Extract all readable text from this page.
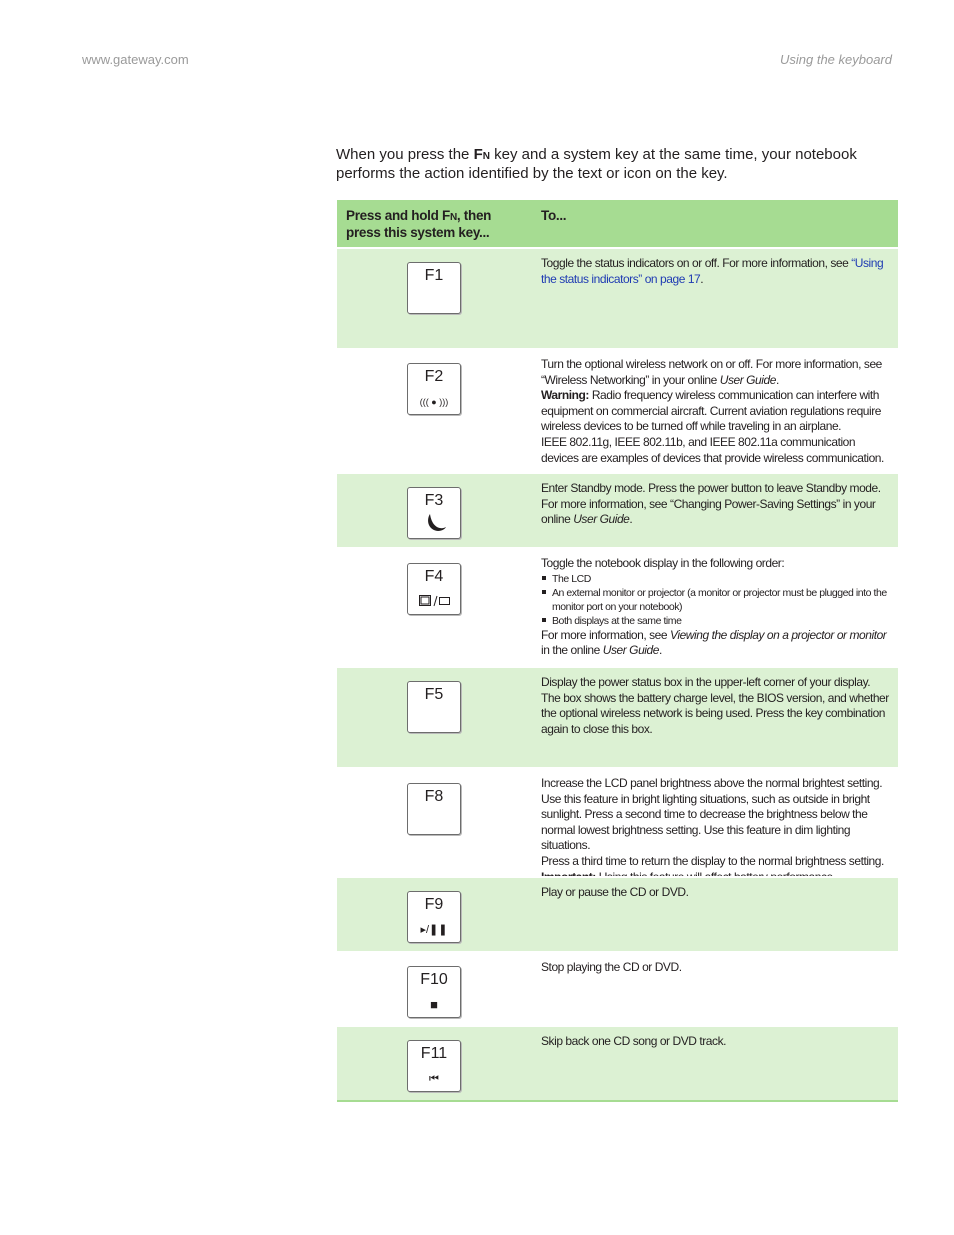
www.gateway.com	Using the keyboard
When you press the FN key and a system key at the same time, your notebook performs the action identified by the text or icon on the key.
Press and hold FN, then press this system key...
To...
F1
Toggle the status indicators on or off. For more information, see “Using the status indicators” on page 17.
F2
((( ● )))
Turn the optional wireless network on or off. For more information, see “Wireless Networking” in your online User Guide.
Warning: Radio frequency wireless communication can interfere with equipment on commercial aircraft. Current aviation regulations require wireless devices to be turned off while traveling in an airplane.
IEEE 802.11g, IEEE 802.11b, and IEEE 802.11a communication devices are examples of devices that provide wireless communication.
F3
Enter Standby mode. Press the power button to leave Standby mode. For more information, see “Changing Power-Saving Settings” in your online User Guide.
F4
Toggle the notebook display in the following order:
The LCD
An external monitor or projector (a monitor or projector must be plugged into the monitor port on your notebook)
Both displays at the same time
For more information, see Viewing the display on a projector or monitor in the online User Guide.
F5
Display the power status box in the upper-left corner of your display. The box shows the battery charge level, the BIOS version, and whether the optional wireless network is being used. Press the key combination again to close this box.
F8
Increase the LCD panel brightness above the normal brightest setting. Use this feature in bright lighting situations, such as outside in bright sunlight. Press a second time to decrease the brightness below the normal lowest brightness setting. Use this feature in dim lighting situations.
Press a third time to return the display to the normal brightness setting.

F9
▸/❚❚
Play or pause the CD or DVD.
F10
■
Stop playing the CD or DVD.
F11
⏮
Skip back one CD song or DVD track.
